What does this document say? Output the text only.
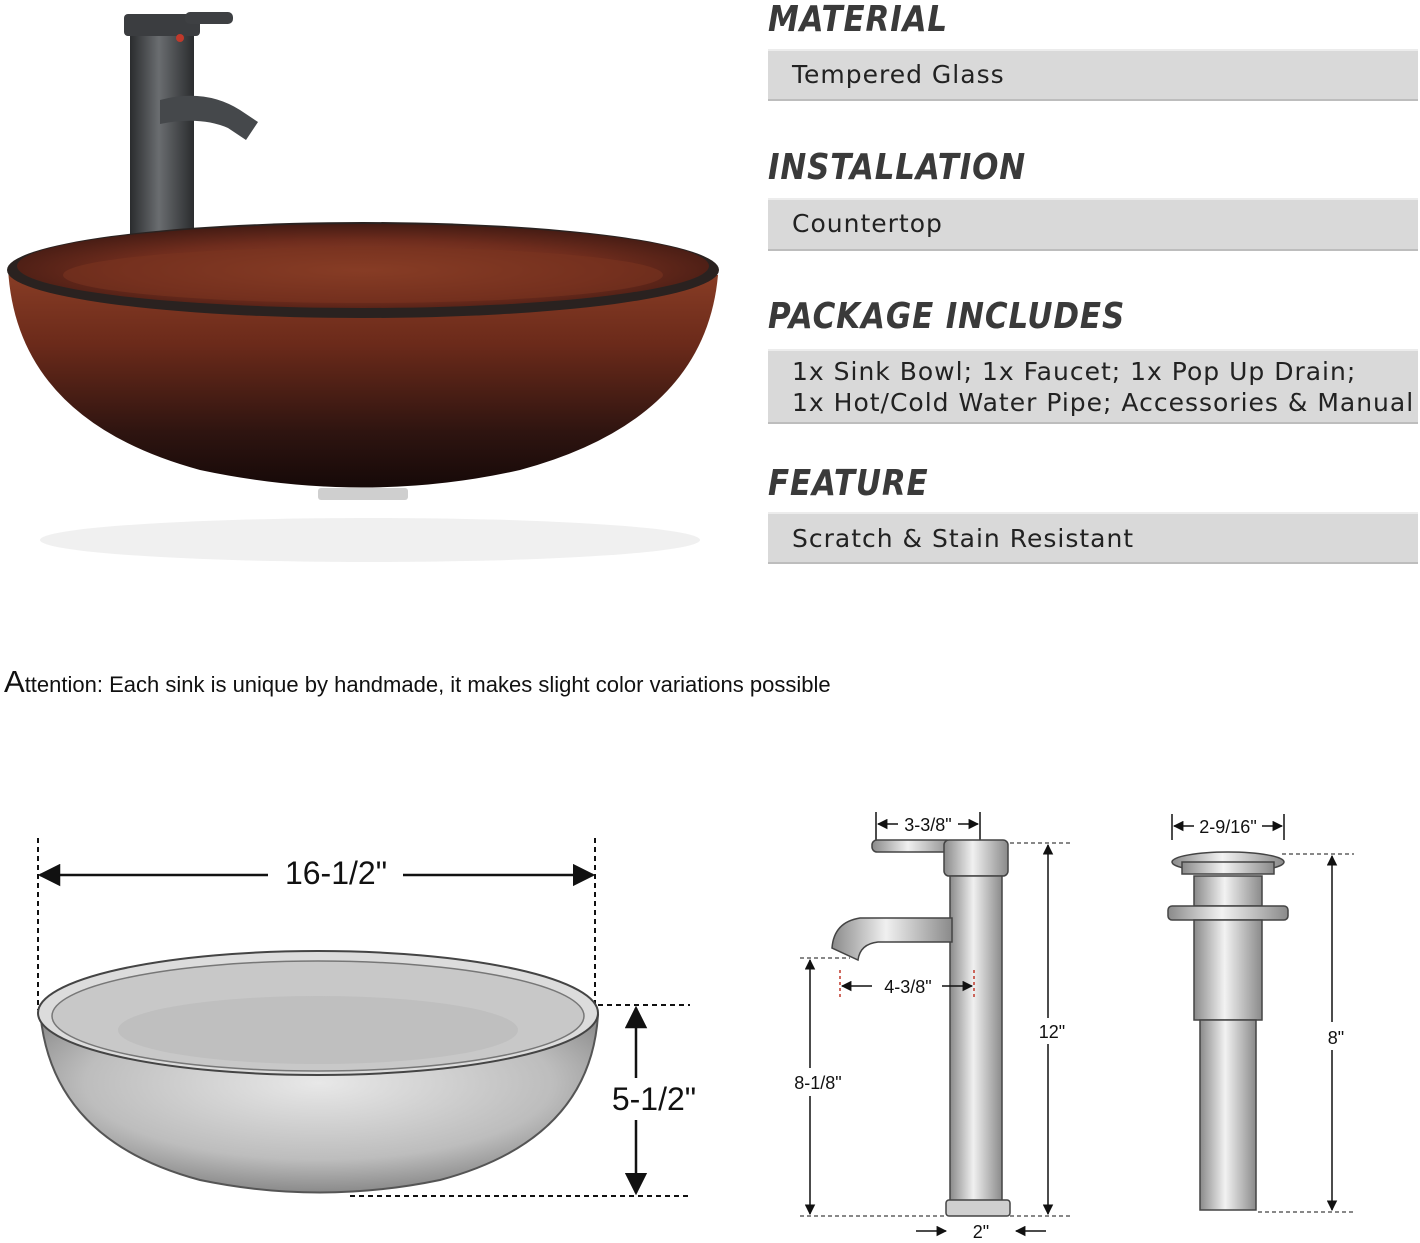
MATERIAL
Tempered Glass
INSTALLATION
Countertop
PACKAGE INCLUDES
1x Sink Bowl; 1x Faucet; 1x Pop Up Drain;
1x Hot/Cold Water Pipe; Accessories & Manual
FEATURE
Scratch & Stain Resistant
Attention: Each sink is unique by handmade, it makes slight color variations possible
16-1/2"
5-1/2"
3-3/8"
4-3/8"
12"
8-1/8"
2"
2-9/16"
8"
